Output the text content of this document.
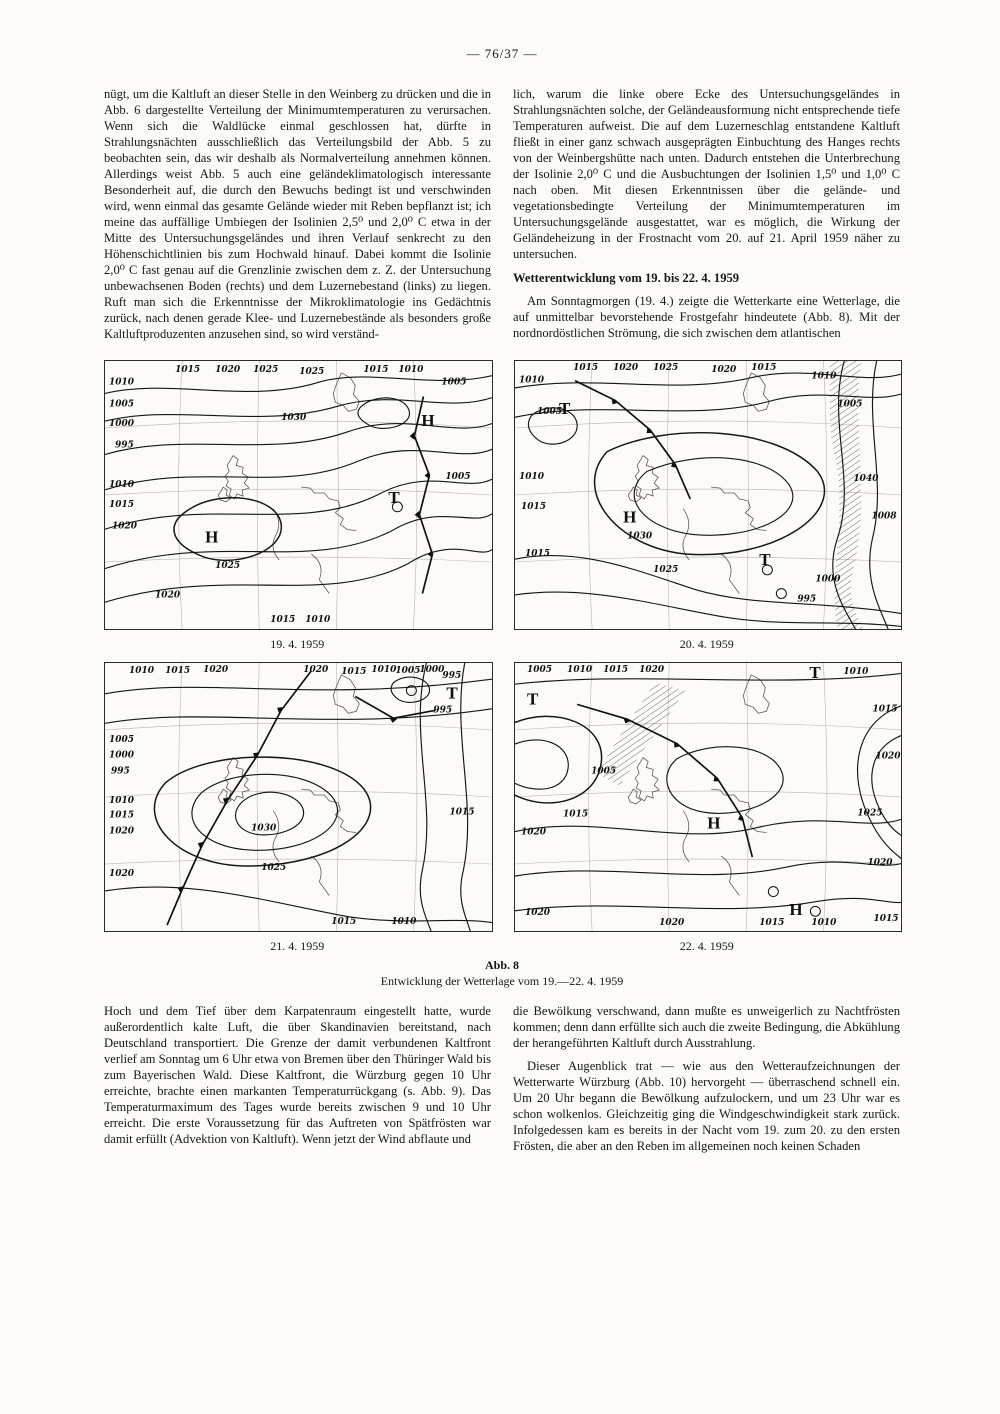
— 76/37 —

nügt, um die Kaltluft an dieser Stelle in den Weinberg zu drücken und die in Abb. 6 dargestellte Verteilung der Minimumtemperaturen zu verursachen. Wenn sich die Waldlücke einmal geschlossen hat, dürfte in Strahlungsnächten ausschließlich das Verteilungsbild der Abb. 5 zu beobachten sein, das wir deshalb als Normalverteilung annehmen können. Allerdings weist Abb. 5 auch eine geländeklimatologisch interessante Besonderheit auf, die durch den Bewuchs bedingt ist und verschwinden wird, wenn einmal das gesamte Gelände wieder mit Reben bepflanzt ist; ich meine das auffällige Umbiegen der Isolinien 2,5⁰ und 2,0⁰ C etwa in der Mitte des Untersuchungsgeländes und ihren Verlauf senkrecht zu den Höhenschichtlinien bis zum Hochwald hinauf. Dabei kommt die Isolinie 2,0⁰ C fast genau auf die Grenzlinie zwischen dem z. Z. der Untersuchung unbewachsenen Boden (rechts) und dem Luzernebestand (links) zu liegen. Ruft man sich die Erkenntnisse der Mikroklimatologie ins Gedächtnis zurück, nach denen gerade Klee- und Luzernebestände als besonders große Kaltluftproduzenten anzusehen sind, so wird verständ-

lich, warum die linke obere Ecke des Untersuchungsgeländes in Strahlungsnächten solche, der Geländeausformung nicht entsprechende tiefe Temperaturen aufweist. Die auf dem Luzerneschlag entstandene Kaltluft fließt in einer ganz schwach ausgeprägten Einbuchtung des Hanges rechts von der Weinbergshütte nach unten. Dadurch entstehen die Unterbrechung der Isolinie 2,0⁰ C und die Ausbuchtungen der Isolinien 1,5⁰ und 1,0⁰ C nach oben. Mit diesen Erkenntnissen über die gelände- und vegetationsbedingte Verteilung der Minimumtemperaturen im Untersuchungsgelände ausgestattet, war es möglich, die Wirkung der Geländeheizung in der Frostnacht vom 20. auf 21. April 1959 näher zu untersuchen.

Wetterentwicklung vom 19. bis 22. 4. 1959

Am Sonntagmorgen (19. 4.) zeigte die Wetterkarte eine Wetterlage, die auf unmittelbar bevorstehende Frostgefahr hindeutete (Abb. 8). Mit der nordnordöstlichen Strömung, die sich zwischen dem atlantischen

1015 1020 1025 1025	1015 1010
1005
H
1010
1005
1000
995
1010
1015
1020
H
1030
T
1005
1025
1020
1015 1010
19. 4. 1959
1010
1005
T
1015 1020 1025	1020 1015
1010
1005
H
1030
1010
1015
1015
1025
T
1040
1008
1000
995
20. 4. 1959
1010 1015 1020	1020 1015 1010
1005
1000
995
T
995
1005
1000
995
1010
1015
1020	1030
1025
1020
1015	1010
1015
21. 4. 1959
1005 1010 1015 1020	T	1010
T
1015
1020
1025
1020
1015
H
H
1020
1020
1005
1015
1020	1015	1010
22. 4. 1959
Abb. 8
Entwicklung der Wetterlage vom 19.—22. 4. 1959

Hoch und dem Tief über dem Karpatenraum eingestellt hatte, wurde außerordentlich kalte Luft, die über Skandinavien bereitstand, nach Deutschland transportiert. Die Grenze der damit verbundenen Kaltfront verlief am Sonntag um 6 Uhr etwa von Bremen über den Thüringer Wald bis zum Bayerischen Wald. Diese Kaltfront, die Würzburg gegen 10 Uhr erreichte, brachte einen markanten Temperaturrückgang (s. Abb. 9). Das Temperaturmaximum des Tages wurde bereits zwischen 9 und 10 Uhr erreicht. Die erste Voraussetzung für das Auftreten von Spätfrösten war damit erfüllt (Advektion von Kaltluft). Wenn jetzt der Wind abflaute und

die Bewölkung verschwand, dann mußte es unweigerlich zu Nachtfrösten kommen; denn dann erfüllte sich auch die zweite Bedingung, die Abkühlung der herangeführten Kaltluft durch Ausstrahlung.

Dieser Augenblick trat — wie aus den Wetteraufzeichnungen der Wetterwarte Würzburg (Abb. 10) hervorgeht — überraschend schnell ein. Um 20 Uhr begann die Bewölkung aufzulockern, und um 23 Uhr war es schon wolkenlos. Gleichzeitig ging die Windgeschwindigkeit stark zurück. Infolgedessen kam es bereits in der Nacht vom 19. zum 20. zu den ersten Frösten, die aber an den Reben im allgemeinen noch keinen Schaden
